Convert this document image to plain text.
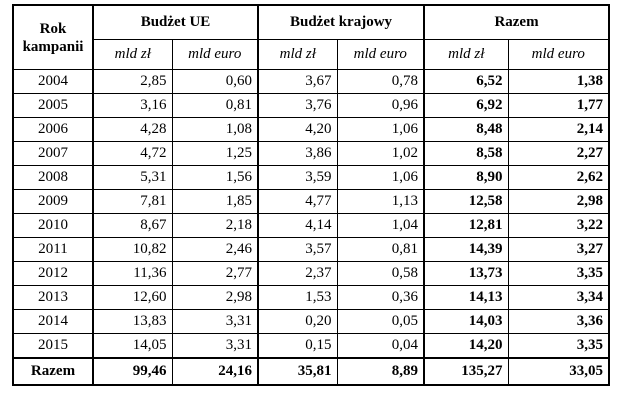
Rok
kampanii	Budżet UE		Budżet krajowy		Razem	
	mld zł	mld euro	mld zł	mld euro	mld zł	mld euro
2004	2,85	0,60	3,67	0,78	6,52	1,38
2005	3,16	0,81	3,76	0,96	6,92	1,77
2006	4,28	1,08	4,20	1,06	8,48	2,14
2007	4,72	1,25	3,86	1,02	8,58	2,27
2008	5,31	1,56	3,59	1,06	8,90	2,62
2009	7,81	1,85	4,77	1,13	12,58	2,98
2010	8,67	2,18	4,14	1,04	12,81	3,22
2011	10,82	2,46	3,57	0,81	14,39	3,27
2012	11,36	2,77	2,37	0,58	13,73	3,35
2013	12,60	2,98	1,53	0,36	14,13	3,34
2014	13,83	3,31	0,20	0,05	14,03	3,36
2015	14,05	3,31	0,15	0,04	14,20	3,35
Razem	99,46	24,16	35,81	8,89	135,27	33,05
